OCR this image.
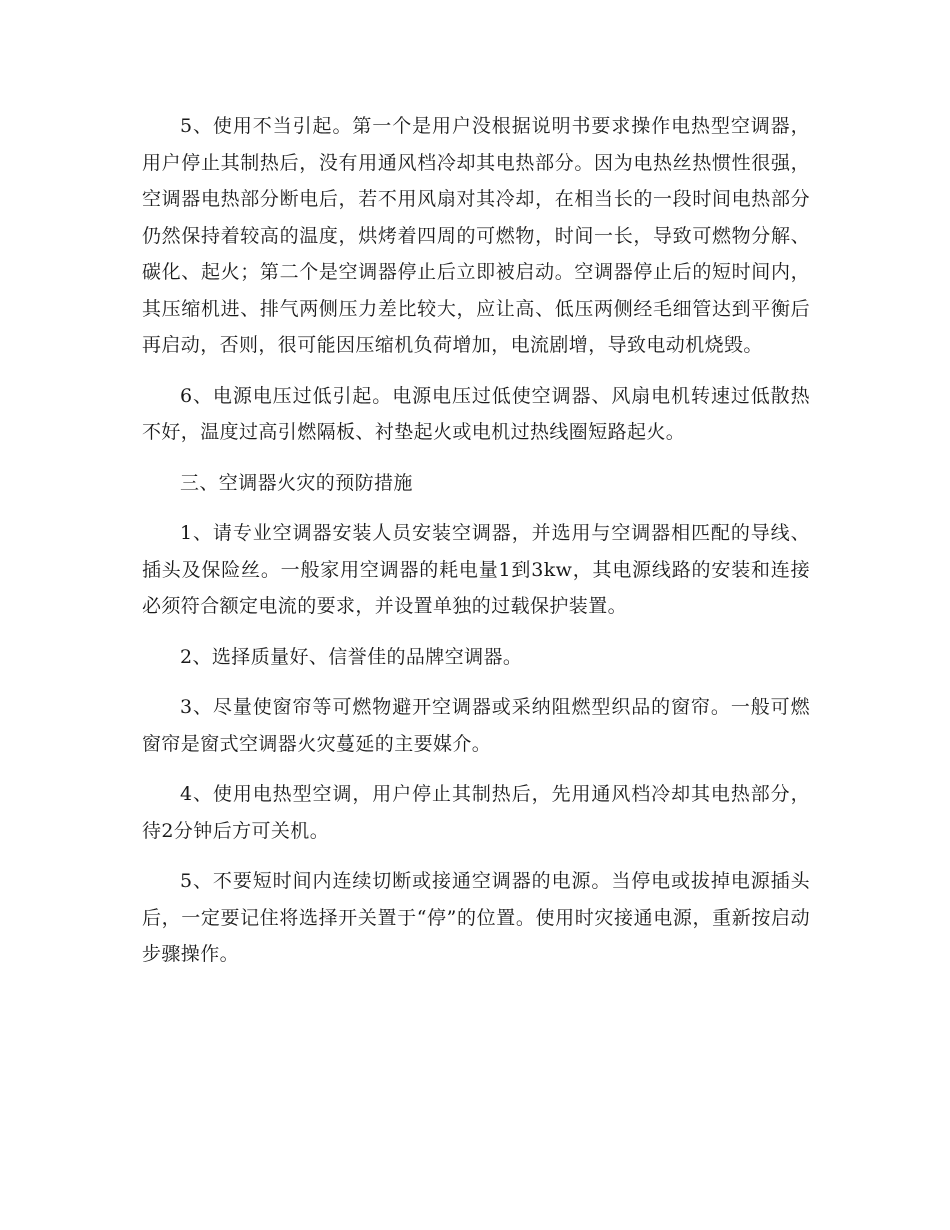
5、使用不当引起。第一个是用户没根据说明书要求操作电热型空调器，用户停止其制热后，没有用通风档冷却其电热部分。因为电热丝热惯性很强，空调器电热部分断电后，若不用风扇对其冷却，在相当长的一段时间电热部分仍然保持着较高的温度，烘烤着四周的可燃物，时间一长，导致可燃物分解、碳化、起火；第二个是空调器停止后立即被启动。空调器停止后的短时间内，其压缩机进、排气两侧压力差比较大，应让高、低压两侧经毛细管达到平衡后再启动，否则，很可能因压缩机负荷增加，电流剧增，导致电动机烧毁。

6、电源电压过低引起。电源电压过低使空调器、风扇电机转速过低散热不好，温度过高引燃隔板、衬垫起火或电机过热线圈短路起火。

三、空调器火灾的预防措施

1、请专业空调器安装人员安装空调器，并选用与空调器相匹配的导线、插头及保险丝。一般家用空调器的耗电量1到3kw，其电源线路的安装和连接必须符合额定电流的要求，并设置单独的过载保护装置。

2、选择质量好、信誉佳的品牌空调器。

3、尽量使窗帘等可燃物避开空调器或采纳阻燃型织品的窗帘。一般可燃窗帘是窗式空调器火灾蔓延的主要媒介。

4、使用电热型空调，用户停止其制热后，先用通风档冷却其电热部分，待2分钟后方可关机。

5、不要短时间内连续切断或接通空调器的电源。当停电或拔掉电源插头后，一定要记住将选择开关置于“停”的位置。使用时灾接通电源，重新按启动步骤操作。
